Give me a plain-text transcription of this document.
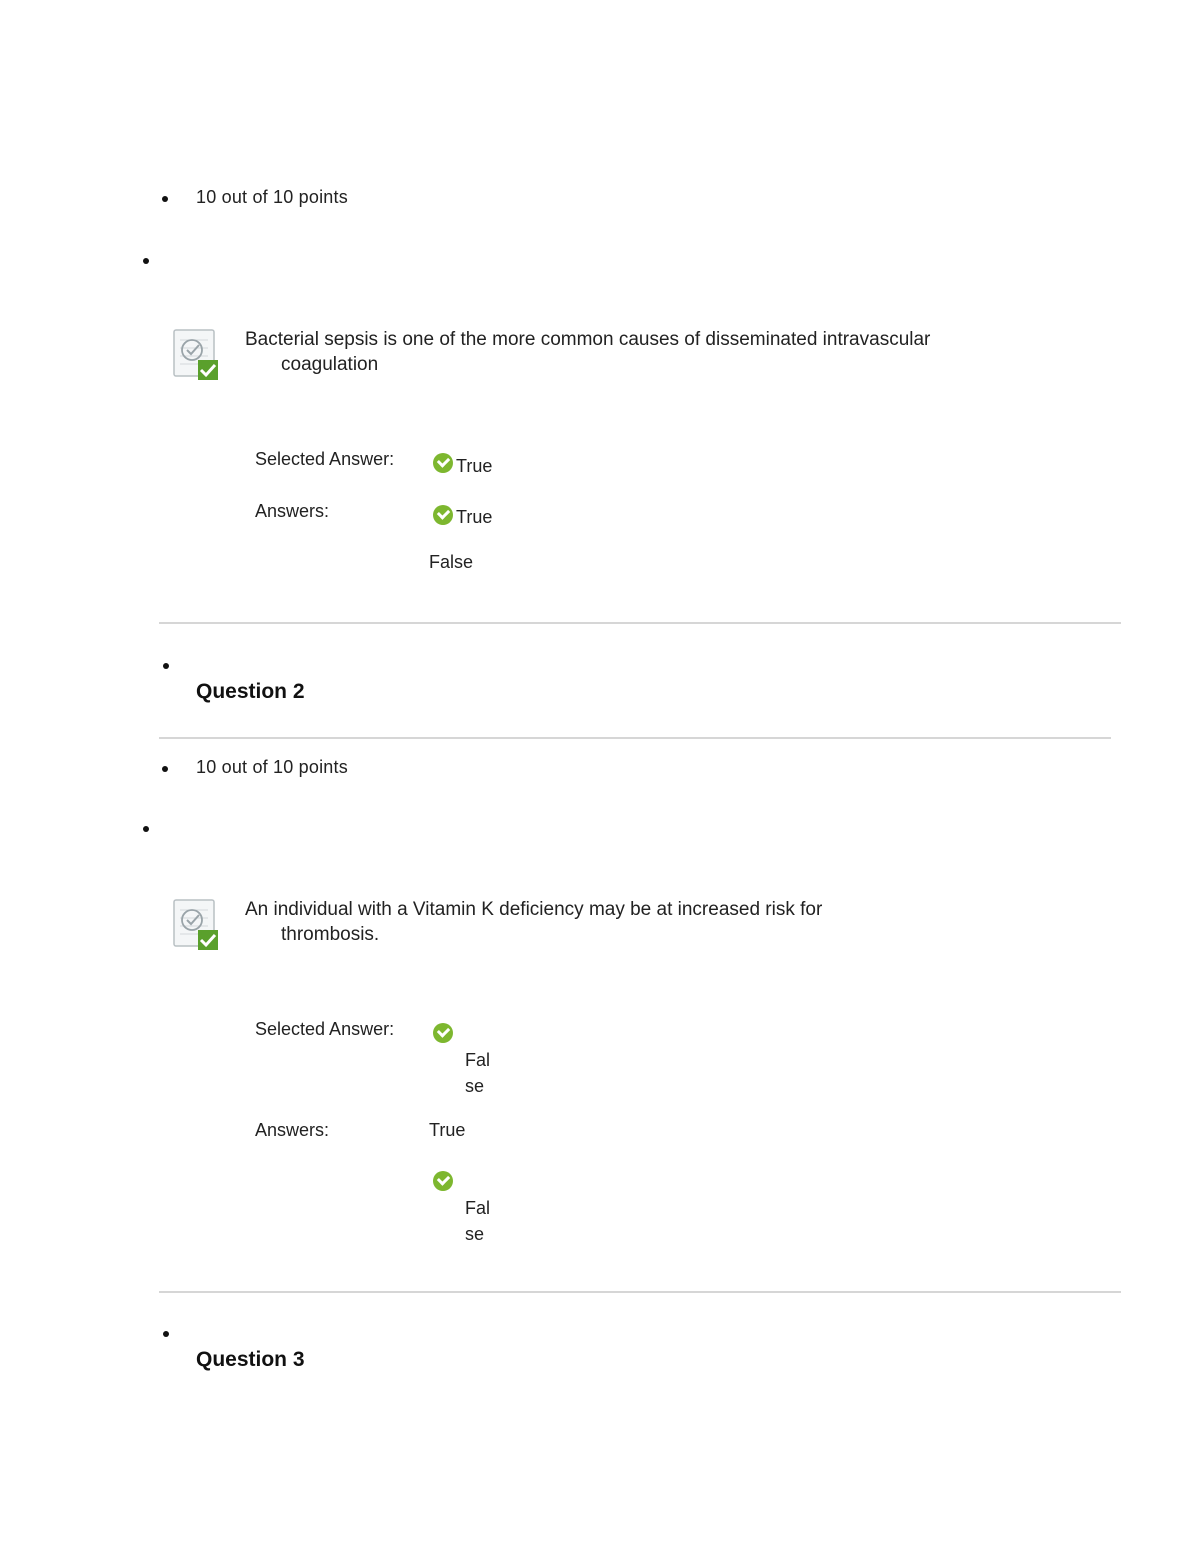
10 out of 10 points
Bacterial sepsis is one of the more common causes of disseminated intravascular
coagulation
Selected Answer:	True
Answers:	True
False
Question 2
10 out of 10 points
An individual with a Vitamin K deficiency may be at increased risk for
thrombosis.
Selected Answer:
False
Answers:	True
False
Question 3
